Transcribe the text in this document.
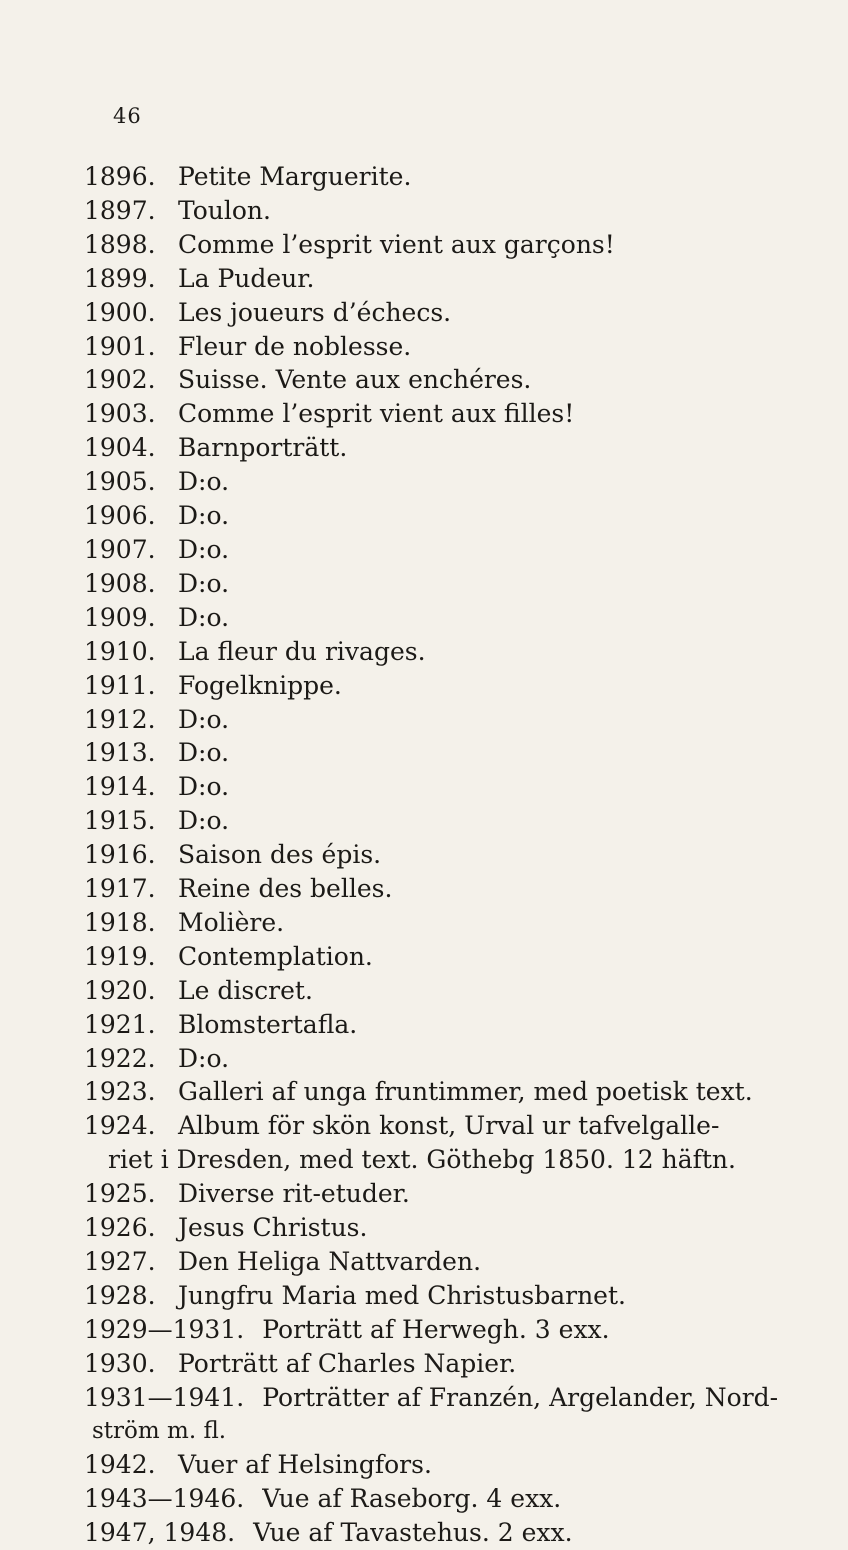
46
1896. Petite Marguerite.
1897. Toulon.
1898. Comme l’esprit vient aux garçons!
1899. La Pudeur.
1900. Les joueurs d’échecs.
1901. Fleur de noblesse.
1902. Suisse. Vente aux enchéres.
1903. Comme l’esprit vient aux filles!
1904. Barnporträtt.
1905. D:o.
1906. D:o.
1907. D:o.
1908. D:o.
1909. D:o.
1910. La fleur du rivages.
1911. Fogelknippe.
1912. D:o.
1913. D:o.
1914. D:o.
1915. D:o.
1916. Saison des épis.
1917. Reine des belles.
1918. Molière.
1919. Contemplation.
1920. Le discret.
1921. Blomstertafla.
1922. D:o.
1923. Galleri af unga fruntimmer, med poetisk text.
1924. Album för skön konst, Urval ur tafvelgalle-
riet i Dresden, med text. Göthebg 1850. 12 häftn.
1925. Diverse rit-etuder.
1926. Jesus Christus.
1927. Den Heliga Nattvarden.
1928. Jungfru Maria med Christusbarnet.
1929—1931. Porträtt af Herwegh. 3 exx.
1930. Porträtt af Charles Napier.
1931—1941. Porträtter af Franzén, Argelander, Nord-
ström m. fl.
1942. Vuer af Helsingfors.
1943—1946. Vue af Raseborg. 4 exx.
1947, 1948. Vue af Tavastehus. 2 exx.
